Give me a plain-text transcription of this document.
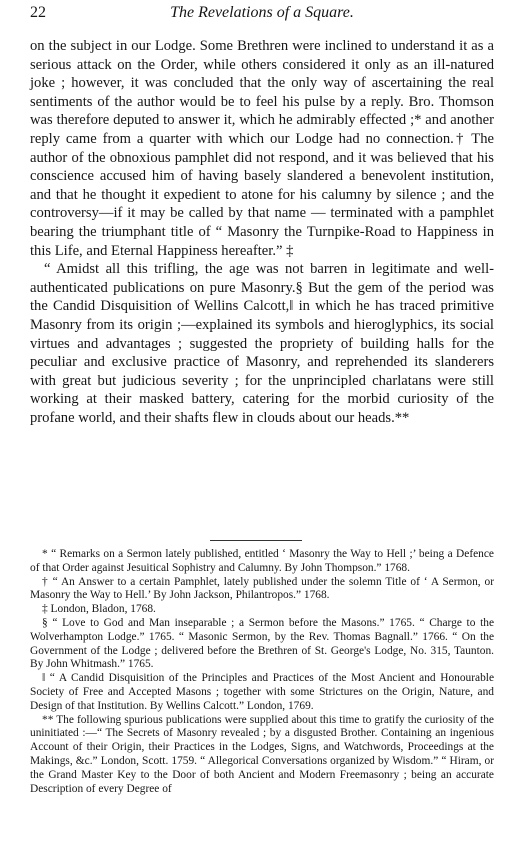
22	The Revelations of a Square.

on the subject in our Lodge. Some Brethren were inclined to understand it as a serious attack on the Order, while others considered it only as an ill-natured joke ; however, it was concluded that the only way of ascertaining the real sentiments of the author would be to feel his pulse by a reply. Bro. Thomson was therefore deputed to answer it, which he admirably effected ;* and another reply came from a quarter with which our Lodge had no connection.† The author of the obnoxious pamphlet did not respond, and it was believed that his conscience accused him of having basely slandered a benevolent institution, and that he thought it expedient to atone for his calumny by silence ; and the controversy—if it may be called by that name — terminated with a pamphlet bearing the triumphant title of “ Masonry the Turnpike-Road to Happiness in this Life, and Eternal Happiness hereafter.” ‡

“ Amidst all this trifling, the age was not barren in legitimate and well-authenticated publications on pure Masonry.§ But the gem of the period was the Candid Disquisition of Wellins Calcott,‖ in which he has traced primitive Masonry from its origin ;—explained its symbols and hieroglyphics, its social virtues and advantages ; suggested the propriety of building halls for the peculiar and exclusive practice of Masonry, and reprehended its slanderers with great but judicious severity ; for the unprincipled charlatans were still working at their masked battery, catering for the morbid curiosity of the profane world, and their shafts flew in clouds about our heads.**

* “ Remarks on a Sermon lately published, entitled ‘ Masonry the Way to Hell ;’ being a Defence of that Order against Jesuitical Sophistry and Calumny. By John Thompson.” 1768.

† “ An Answer to a certain Pamphlet, lately published under the solemn Title of ‘ A Sermon, or Masonry the Way to Hell.’ By John Jackson, Philantropos.” 1768.

‡ London, Bladon, 1768.

§ “ Love to God and Man inseparable ; a Sermon before the Masons.” 1765. “ Charge to the Wolverhampton Lodge.” 1765. “ Masonic Sermon, by the Rev. Thomas Bagnall.” 1766. “ On the Government of the Lodge ; delivered before the Brethren of St. George's Lodge, No. 315, Taunton. By John Whitmash.” 1765.

‖ “ A Candid Disquisition of the Principles and Practices of the Most Ancient and Honourable Society of Free and Accepted Masons ; together with some Strictures on the Origin, Nature, and Design of that Institution. By Wellins Calcott.” London, 1769.

** The following spurious publications were supplied about this time to gratify the curiosity of the uninitiated :—“ The Secrets of Masonry revealed ; by a disgusted Brother. Containing an ingenious Account of their Origin, their Practices in the Lodges, Signs, and Watchwords, Proceedings at the Makings, &c.” London, Scott. 1759. “ Allegorical Conversations organized by Wisdom.” “ Hiram, or the Grand Master Key to the Door of both Ancient and Modern Freemasonry ; being an accurate Description of every Degree of
